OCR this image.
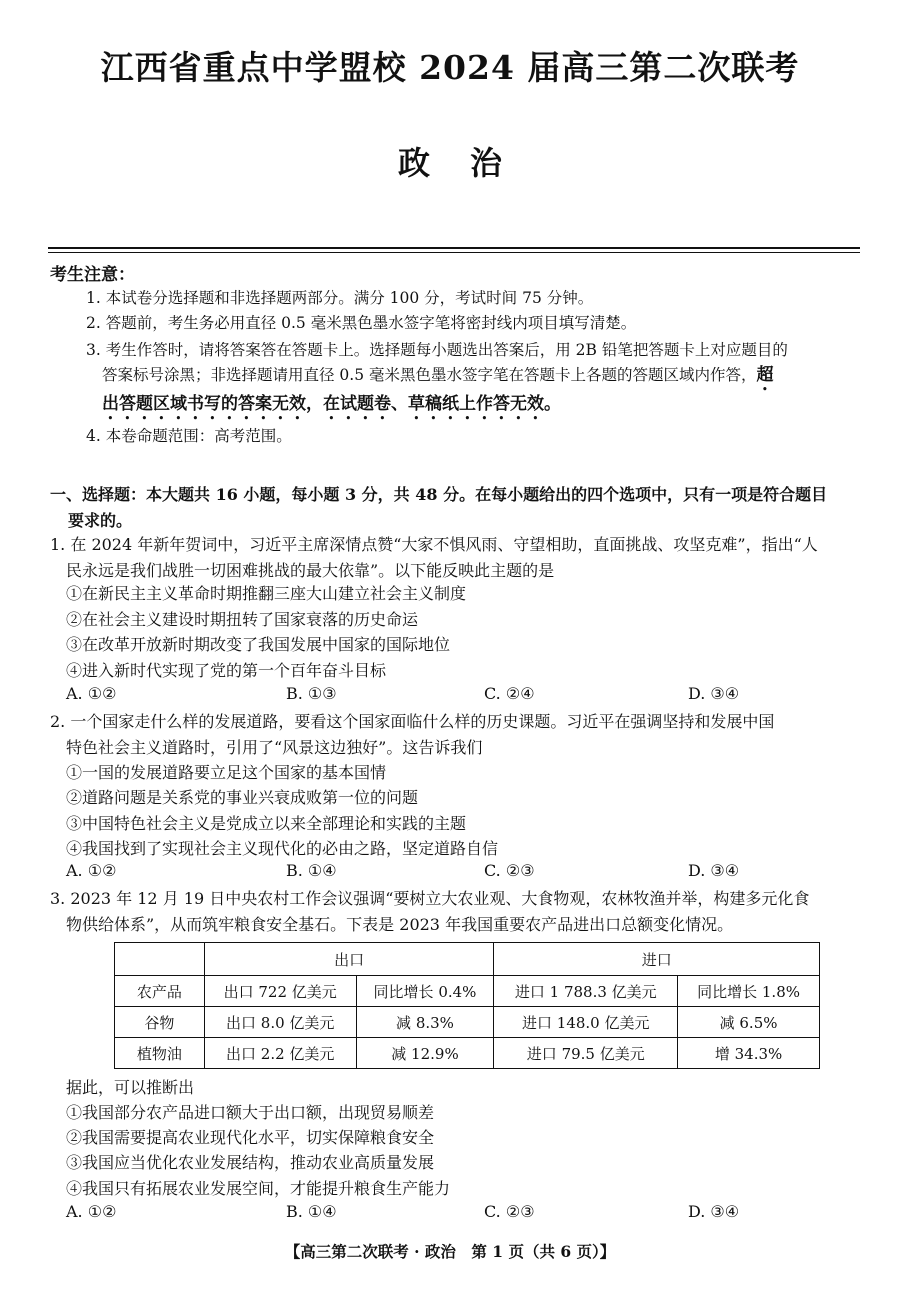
江西省重点中学盟校 2024 届高三第二次联考
政治
考生注意：
1. 本试卷分选择题和非选择题两部分。满分 100 分，考试时间 75 分钟。
2. 答题前，考生务必用直径 0.5 毫米黑色墨水签字笔将密封线内项目填写清楚。
3. 考生作答时，请将答案答在答题卡上。选择题每小题选出答案后，用 2B 铅笔把答题卡上对应题目的
答案标号涂黑；非选择题请用直径 0.5 毫米黑色墨水签字笔在答题卡上各题的答题区域内作答，超
出答题区域书写的答案无效，在试题卷、草稿纸上作答无效。
4. 本卷命题范围：高考范围。
一、选择题：本大题共 16 小题，每小题 3 分，共 48 分。在每小题给出的四个选项中，只有一项是符合题目
要求的。
1. 在 2024 年新年贺词中，习近平主席深情点赞“大家不惧风雨、守望相助，直面挑战、攻坚克难”，指出“人
民永远是我们战胜一切困难挑战的最大依靠”。以下能反映此主题的是
①在新民主主义革命时期推翻三座大山建立社会主义制度
②在社会主义建设时期扭转了国家衰落的历史命运
③在改革开放新时期改变了我国发展中国家的国际地位
④进入新时代实现了党的第一个百年奋斗目标
A. ①②	B. ①③	C. ②④	D. ③④
2. 一个国家走什么样的发展道路，要看这个国家面临什么样的历史课题。习近平在强调坚持和发展中国
特色社会主义道路时，引用了“风景这边独好”。这告诉我们
①一国的发展道路要立足这个国家的基本国情
②道路问题是关系党的事业兴衰成败第一位的问题
③中国特色社会主义是党成立以来全部理论和实践的主题
④我国找到了实现社会主义现代化的必由之路，坚定道路自信
A. ①②	B. ①④	C. ②③	D. ③④
3. 2023 年 12 月 19 日中央农村工作会议强调“要树立大农业观、大食物观，农林牧渔并举，构建多元化食
物供给体系”，从而筑牢粮食安全基石。下表是 2023 年我国重要农产品进出口总额变化情况。
	出口		进口	
农产品	出口 722 亿美元	同比增长 0.4%	进口 1 788.3 亿美元	同比增长 1.8%
谷物	出口 8.0 亿美元	减 8.3%	进口 148.0 亿美元	减 6.5%
植物油	出口 2.2 亿美元	减 12.9%	进口 79.5 亿美元	增 34.3%
据此，可以推断出
①我国部分农产品进口额大于出口额，出现贸易顺差
②我国需要提高农业现代化水平，切实保障粮食安全
③我国应当优化农业发展结构，推动农业高质量发展
④我国只有拓展农业发展空间，才能提升粮食生产能力
A. ①②	B. ①④	C. ②③	D. ③④
【高三第二次联考 · 政治　第 1 页（共 6 页）】
